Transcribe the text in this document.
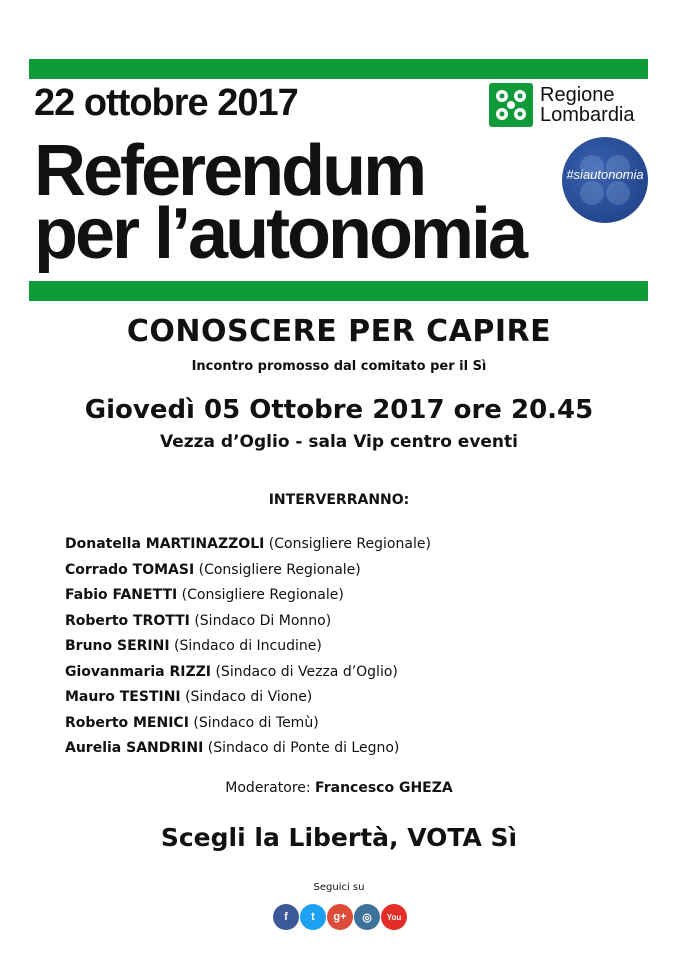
22 ottobre 2017
Referendum
per l’autonomia
Regione
Lombardia
#siautonomia
CONOSCERE PER CAPIRE
Incontro promosso dal comitato per il Sì
Giovedì 05 Ottobre 2017 ore 20.45
Vezza d’Oglio - sala Vip centro eventi
INTERVERRANNO:
Donatella MARTINAZZOLI (Consigliere Regionale)
Corrado TOMASI (Consigliere Regionale)
Fabio FANETTI (Consigliere Regionale)
Roberto TROTTI (Sindaco Di Monno)
Bruno SERINI (Sindaco di Incudine)
Giovanmaria RIZZI (Sindaco di Vezza d’Oglio)
Mauro TESTINI (Sindaco di Vione)
Roberto MENICI (Sindaco di Temù)
Aurelia SANDRINI (Sindaco di Ponte di Legno)
Moderatore: Francesco GHEZA
Scegli la Libertà, VOTA Sì
Seguici su
f	t	g+	◎	You
